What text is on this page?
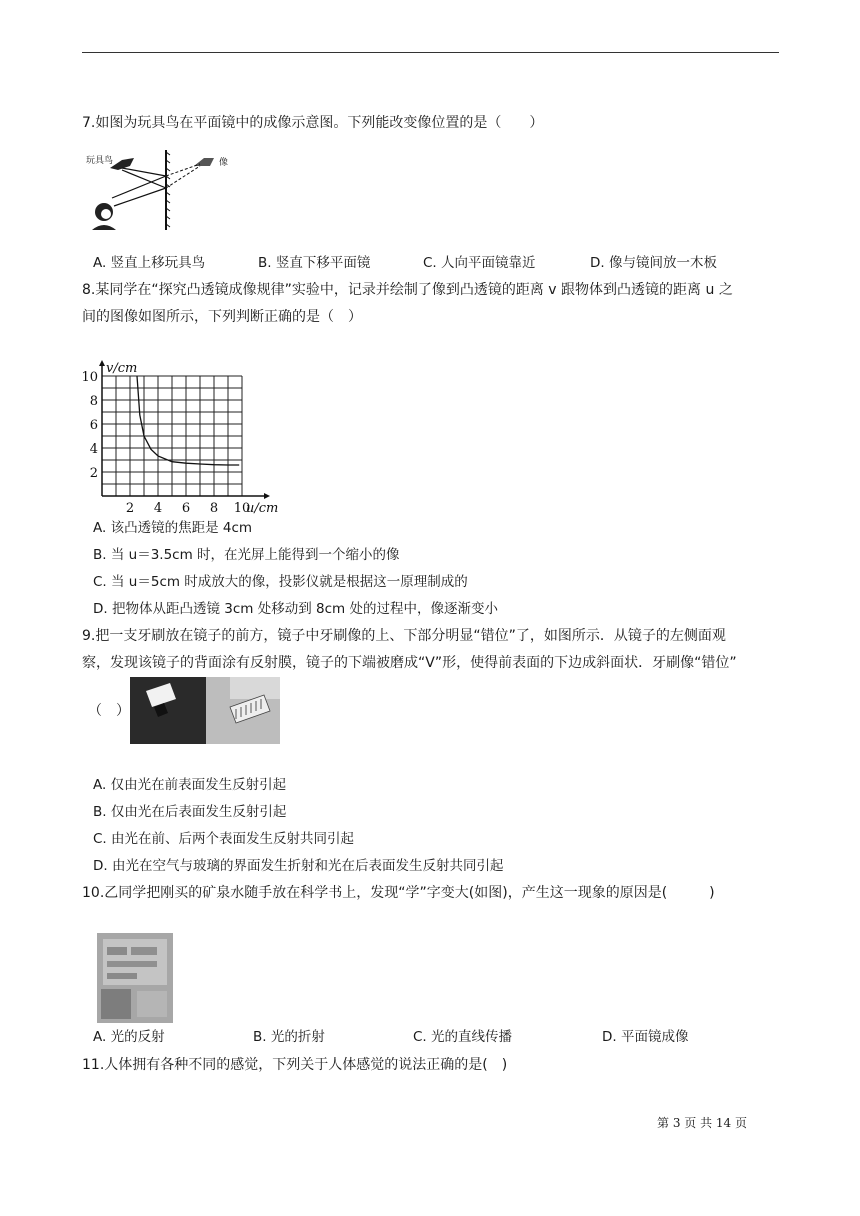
7.如图为玩具鸟在平面镜中的成像示意图。下列能改变像位置的是（　　）
玩具鸟	像
A. 竖直上移玩具鸟	B. 竖直下移平面镜	C. 人向平面镜靠近	D. 像与镜间放一木板
8.某同学在“探究凸透镜成像规律”实验中，记录并绘制了像到凸透镜的距离 v 跟物体到凸透镜的距离 u 之
间的图像如图所示，下列判断正确的是（　）
2 4 6 8 10
2
4
6
8
10
u/cm
v/cm
A. 该凸透镜的焦距是 4cm
B. 当 u＝3.5cm 时，在光屏上能得到一个缩小的像
C. 当 u＝5cm 时成放大的像，投影仪就是根据这一原理制成的
D. 把物体从距凸透镜 3cm 处移动到 8cm 处的过程中，像逐渐变小
9.把一支牙刷放在镜子的前方，镜子中牙刷像的上、下部分明显“错位”了，如图所示．从镜子的左侧面观
察，发现该镜子的背面涂有反射膜，镜子的下端被磨成“V”形，使得前表面的下边成斜面状．牙刷像“错位”
（　）
A. 仅由光在前表面发生反射引起
B. 仅由光在后表面发生反射引起
C. 由光在前、后两个表面发生反射共同引起
D. 由光在空气与玻璃的界面发生折射和光在后表面发生反射共同引起
10.乙同学把刚买的矿泉水随手放在科学书上，发现“学”字变大(如图)，产生这一现象的原因是(　　　)
A. 光的反射	B. 光的折射	C. 光的直线传播	D. 平面镜成像
11.人体拥有各种不同的感觉，下列关于人体感觉的说法正确的是(　)
第 3 页 共 14 页
